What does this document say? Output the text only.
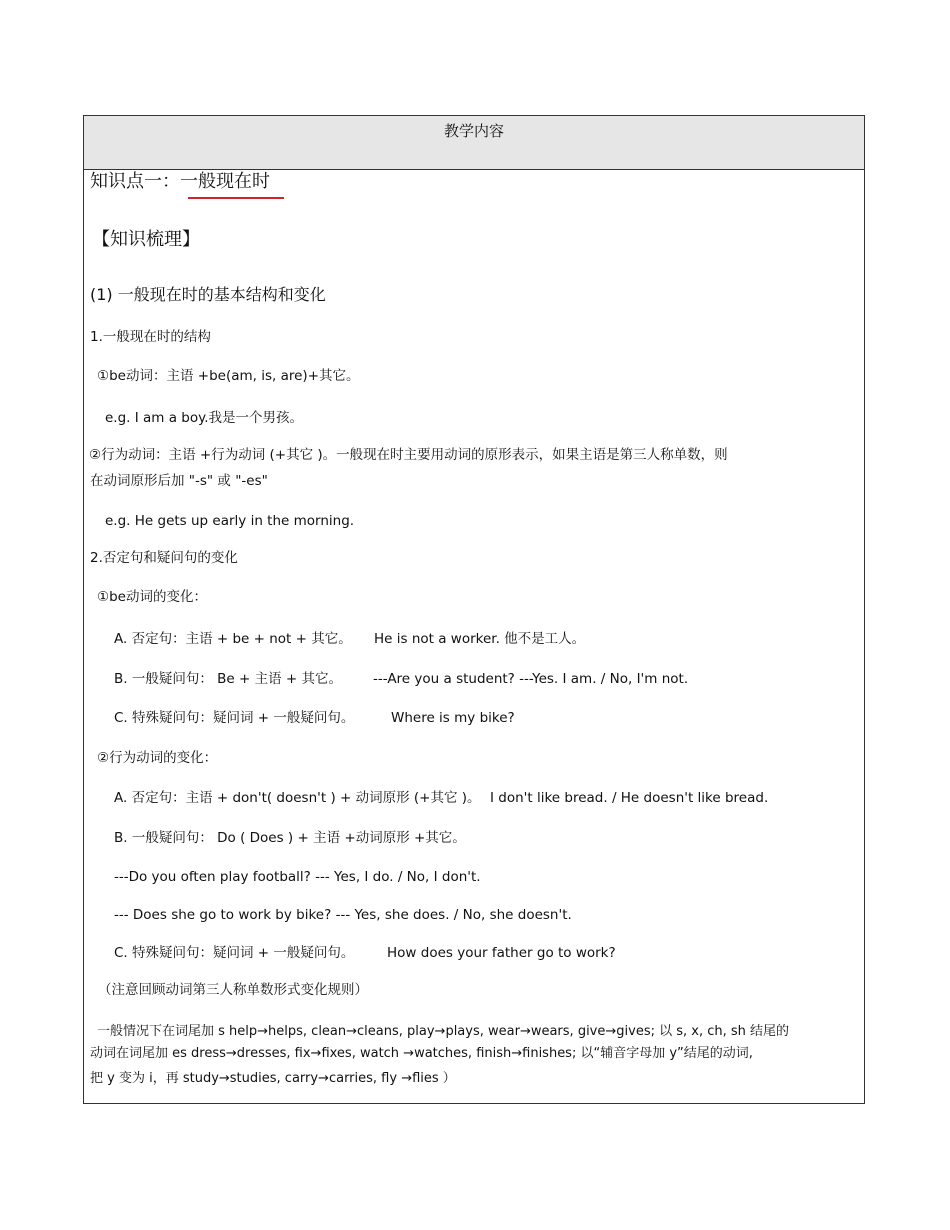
教学内容
知识点一：一般现在时
【知识梳理】
(1) 一般现在时的基本结构和变化
1.一般现在时的结构
①be动词：主语 +be(am, is, are)+其它。
e.g. I am a boy.我是一个男孩。
②行为动词：主语 +行为动词 (+其它 )。一般现在时主要用动词的原形表示，如果主语是第三人称单数，则
在动词原形后加 "-s" 或 "-es"
e.g. He gets up early in the morning.
2.否定句和疑问句的变化
①be动词的变化：
A. 否定句：主语 + be + not + 其它。 He is not a worker. 他不是工人。
B. 一般疑问句： Be + 主语 + 其它。 ---Are you a student? ---Yes. I am. / No, I'm not.
C. 特殊疑问句：疑问词 + 一般疑问句。	Where is my bike?
②行为动词的变化：
A. 否定句：主语 + don't( doesn't ) + 动词原形 (+其它 )。 I don't like bread. / He doesn't like bread.
B. 一般疑问句： Do ( Does ) + 主语 +动词原形 +其它。
---Do you often play football? --- Yes, I do. / No, I don't.
--- Does she go to work by bike? --- Yes, she does. / No, she doesn't.
C. 特殊疑问句：疑问词 + 一般疑问句。 How does your father go to work?
（注意回顾动词第三人称单数形式变化规则）
一般情况下在词尾加 s help→helps, clean→cleans, play→plays, wear→wears, give→gives; 以 s, x, ch, sh 结尾的
动词在词尾加 es dress→dresses, fix→fixes, watch →watches, finish→finishes; 以“辅音字母加 y”结尾的动词,
把 y 变为 i，再 study→studies, carry→carries, fly →flies ）
